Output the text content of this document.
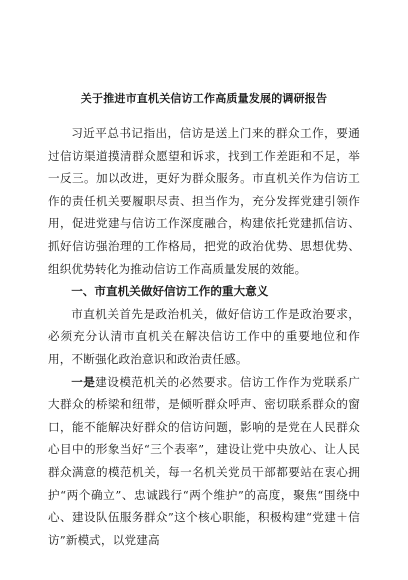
关于推进市直机关信访工作高质量发展的调研报告

习近平总书记指出，信访是送上门来的群众工作，要通过信访渠道摸清群众愿望和诉求，找到工作差距和不足，举一反三。加以改进，更好为群众服务。市直机关作为信访工作的责任机关要履职尽责、担当作为，充分发挥党建引领作用，促进党建与信访工作深度融合，构建依托党建抓信访、抓好信访强治理的工作格局，把党的政治优势、思想优势、组织优势转化为推动信访工作高质量发展的效能。

一、市直机关做好信访工作的重大意义

市直机关首先是政治机关，做好信访工作是政治要求，必须充分认清市直机关在解决信访工作中的重要地位和作用，不断强化政治意识和政治责任感。

一是建设模范机关的必然要求。信访工作作为党联系广大群众的桥梁和纽带，是倾听群众呼声、密切联系群众的窗口，能不能解决好群众的信访问题，影响的是党在人民群众心目中的形象当好“三个表率”，建设让党中央放心、让人民群众满意的模范机关，每一名机关党员干部都要站在衷心拥护“两个确立”、忠诚践行“两个维护”的高度，聚焦“围绕中心、建设队伍服务群众”这个核心职能，积极构建“党建＋信访”新模式，以党建高
